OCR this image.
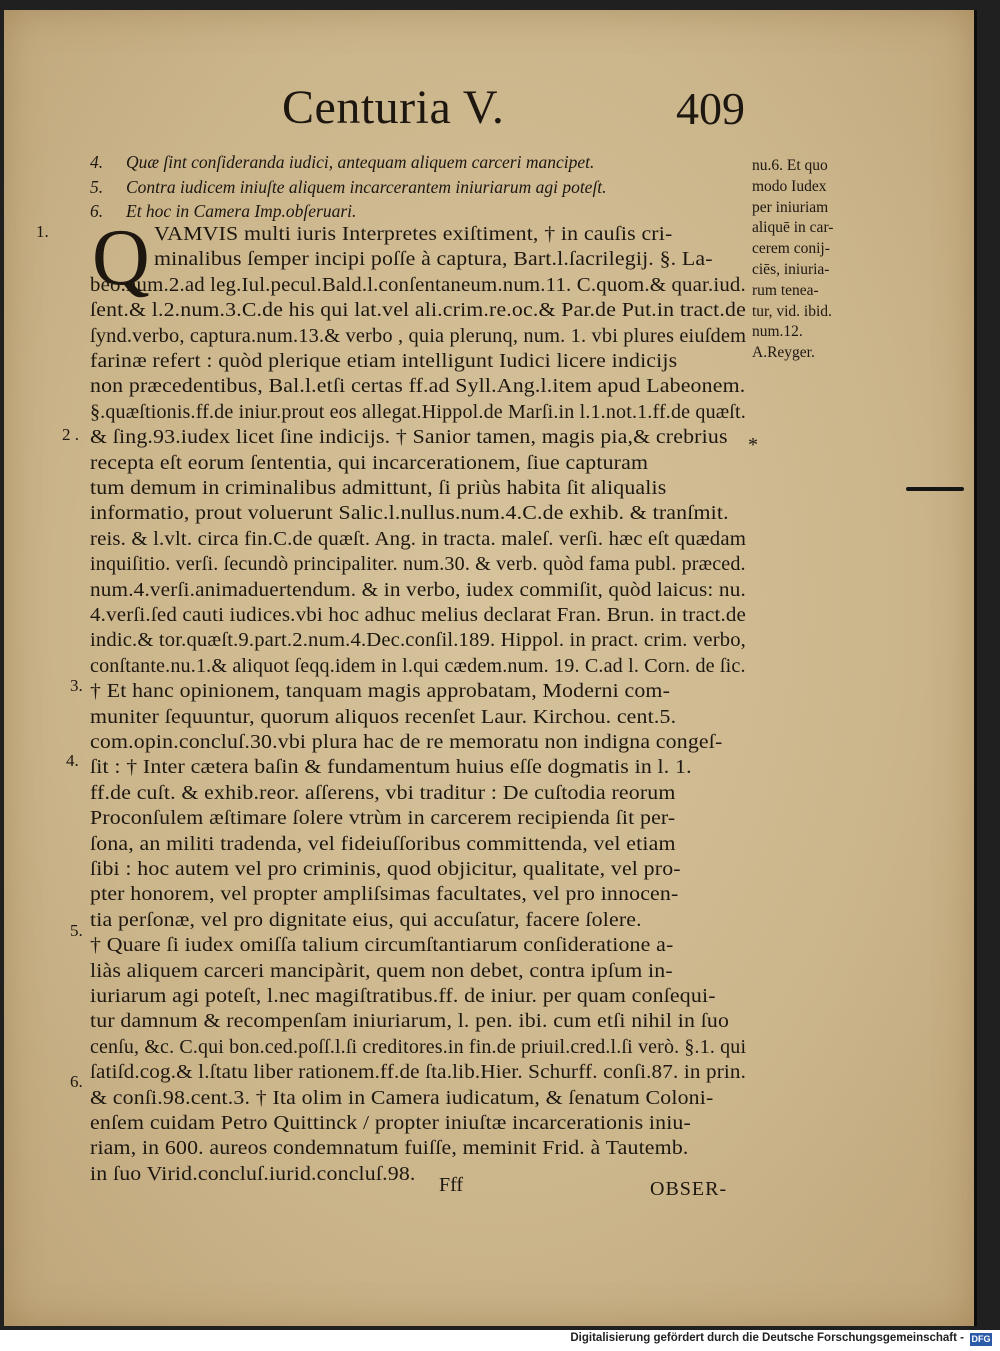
Centuria V.	409
4. Quæ ſint conſideranda iudici, antequam aliquem carceri mancipet.
5. Contra iudicem iniuſte aliquem incarcerantem iniuriarum agi poteſt.
6. Et hoc in Camera Imp.obſeruari.
Q VAMVIS multi iuris Interpretes exiſtiment, † in cauſis cri-
minalibus ſemper incipi poſſe à captura, Bart.l.ſacrilegij. §. La-
beo.num.2.ad leg.Iul.pecul.Bald.l.conſentaneum.num.11. C.quom.& quar.iud.
ſent.& l.2.num.3.C.de his qui lat.vel ali.crim.re.oc.& Par.de Put.in tract.de
ſynd.verbo, captura.num.13.& verbo , quia plerunq, num. 1. vbi plures eiuſdem
farinæ refert : quòd plerique etiam intelligunt Iudici licere indicijs
non præcedentibus, Bal.l.etſi certas ff.ad Syll.Ang.l.item apud Labeonem.
§.quæſtionis.ff.de iniur.prout eos allegat.Hippol.de Marſi.in l.1.not.1.ff.de quæſt.
& ſing.93.iudex licet ſine indicijs. † Sanior tamen, magis pia,& crebrius
recepta eſt eorum ſententia, qui incarcerationem, ſiue capturam
tum demum in criminalibus admittunt, ſi priùs habita ſit aliqualis
informatio, prout voluerunt Salic.l.nullus.num.4.C.de exhib. & tranſmit.
reis. & l.vlt. circa fin.C.de quæſt. Ang. in tracta. maleſ. verſi. hæc eſt quædam
inquiſitio. verſi. ſecundò principaliter. num.30. & verb. quòd fama publ. præced.
num.4.verſi.animaduertendum. & in verbo, iudex commiſit, quòd laicus: nu.
4.verſi.ſed cauti iudices.vbi hoc adhuc melius declarat Fran. Brun. in tract.de
indic.& tor.quæſt.9.part.2.num.4.Dec.conſil.189. Hippol. in pract. crim. verbo,
conſtante.nu.1.& aliquot ſeqq.idem in l.qui cædem.num. 19. C.ad l. Corn. de ſic.
† Et hanc opinionem, tanquam magis approbatam, Moderni com-
muniter ſequuntur, quorum aliquos recenſet Laur. Kirchou. cent.5.
com.opin.concluſ.30.vbi plura hac de re memoratu non indigna congeſ-
ſit : † Inter cætera baſin & fundamentum huius eſſe dogmatis in l. 1.
ff.de cuſt. & exhib.reor. aſſerens, vbi traditur : De cuſtodia reorum
Proconſulem æſtimare ſolere vtrùm in carcerem recipienda ſit per-
ſona, an militi tradenda, vel fideiuſſoribus committenda, vel etiam
ſibi : hoc autem vel pro criminis, quod objicitur, qualitate, vel pro-
pter honorem, vel propter ampliſsimas facultates, vel pro innocen-
tia perſonæ, vel pro dignitate eius, qui accuſatur, facere ſolere.
† Quare ſi iudex omiſſa talium circumſtantiarum conſideratione a-
liàs aliquem carceri mancipàrit, quem non debet, contra ipſum in-
iuriarum agi poteſt, l.nec magiſtratibus.ff. de iniur. per quam conſequi-
tur damnum & recompenſam iniuriarum, l. pen. ibi. cum etſi nihil in ſuo
cenſu, &c. C.qui bon.ced.poſſ.l.ſi creditores.in fin.de priuil.cred.l.ſi verò. §.1. qui
ſatiſd.cog.& l.ſtatu liber rationem.ff.de ſta.lib.Hier. Schurff. conſi.87. in prin.
& conſi.98.cent.3. † Ita olim in Camera iudicatum, & ſenatum Coloni-
enſem cuidam Petro Quittinck / propter iniuſtæ incarcerationis iniu-
riam, in 600. aureos condemnatum fuiſſe, meminit Frid. à Tautemb.
in ſuo Virid.concluſ.iurid.concluſ.98.
1.
2 .
3.
4.
5.
6.
nu.6. Et quo
modo Iudex
per iniuriam
aliquē in car-
cerem conij-
ciēs, iniuria-
rum tenea-
tur, vid. ibid.
num.12.
A.Reyger.
*
Fff	OBSER-
Digitalisierung gefördert durch die Deutsche Forschungsgemeinschaft - DFG
